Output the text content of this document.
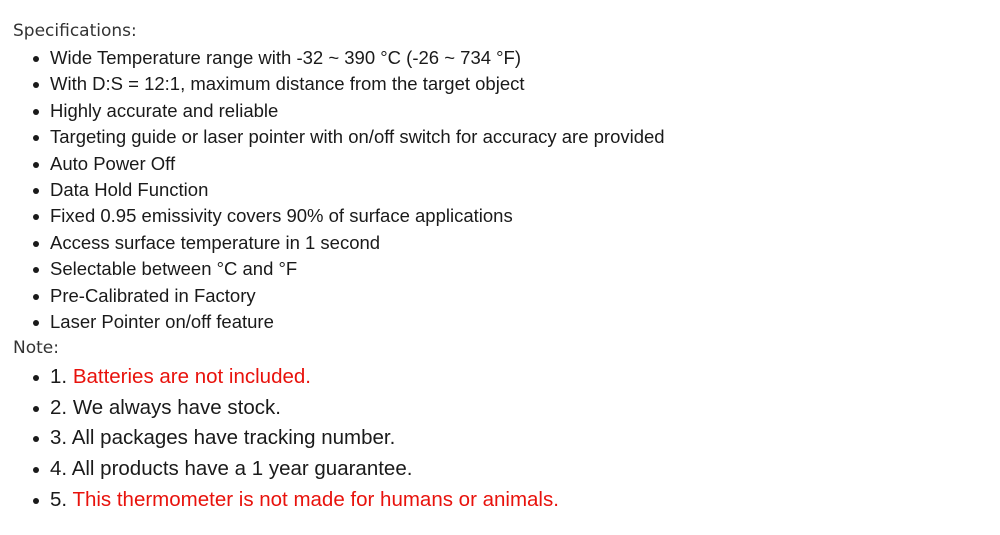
Specifications:

Wide Temperature range with -32 ~ 390 °C (-26 ~ 734 °F)
With D:S = 12:1, maximum distance from the target object
Highly accurate and reliable
Targeting guide or laser pointer with on/off switch for accuracy are provided
Auto Power Off
Data Hold Function
Fixed 0.95 emissivity covers 90% of surface applications
Access surface temperature in 1 second
Selectable between °C and °F
Pre-Calibrated in Factory
Laser Pointer on/off feature

Note:

1. Batteries are not included.
2. We always have stock.
3. All packages have tracking number.
4. All products have a 1 year guarantee.
5. This thermometer is not made for humans or animals.
